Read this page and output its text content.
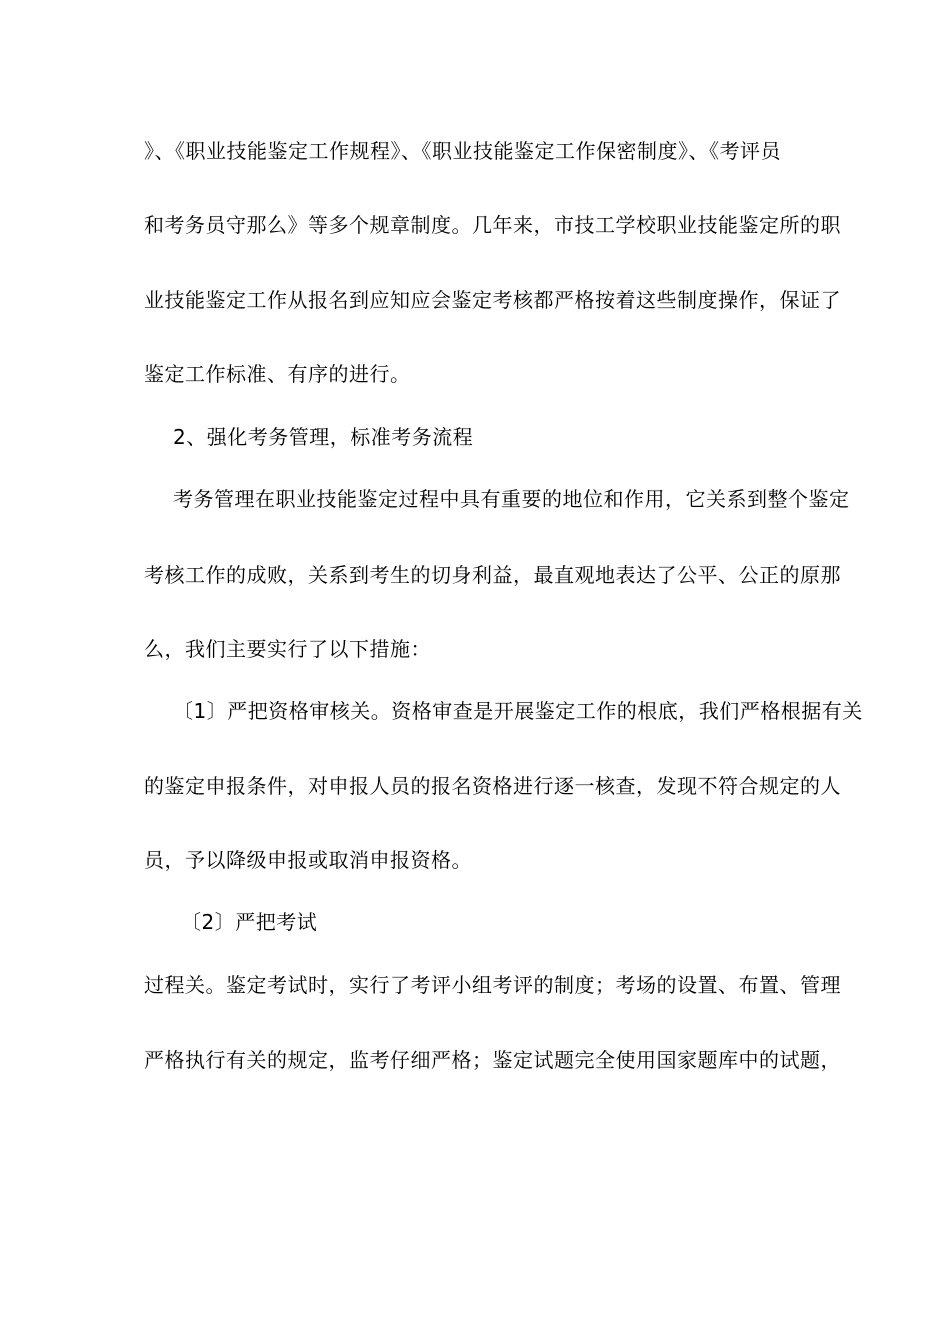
》、《职业技能鉴定工作规程》、《职业技能鉴定工作保密制度》、《考评员

和考务员守那么》等多个规章制度。几年来，市技工学校职业技能鉴定所的职

业技能鉴定工作从报名到应知应会鉴定考核都严格按着这些制度操作，保证了

鉴定工作标准、有序的进行。

2、强化考务管理，标准考务流程

考务管理在职业技能鉴定过程中具有重要的地位和作用，它关系到整个鉴定

考核工作的成败，关系到考生的切身利益，最直观地表达了公平、公正的原那

么，我们主要实行了以下措施：

〔1〕严把资格审核关。资格审查是开展鉴定工作的根底，我们严格根据有关

的鉴定申报条件，对申报人员的报名资格进行逐一核查，发现不符合规定的人

员，予以降级申报或取消申报资格。

〔2〕严把考试

过程关。鉴定考试时，实行了考评小组考评的制度；考场的设置、布置、管理

严格执行有关的规定，监考仔细严格；鉴定试题完全使用国家题库中的试题，
